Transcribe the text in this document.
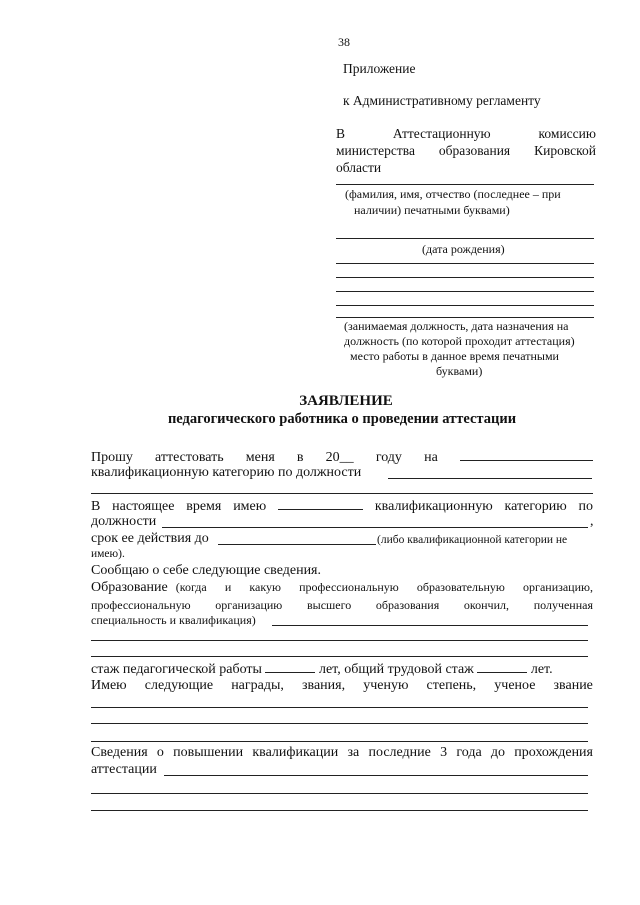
38
Приложение
к Административному регламенту
В	Аттестационную	комиссию
министерства образования Кировской
области
(фамилия, имя, отчество (последнее – при
наличии) печатными буквами)
(дата рождения)
(занимаемая должность, дата назначения на
должность (по которой проходит аттестация)
место работы в данное время печатными
буквами)
ЗАЯВЛЕНИЕ
педагогического работника о проведении аттестации
Прошу аттестовать меня в 20__ году на
квалификационную категорию по должности
В настоящее время имею	квалификационную категорию по
должности	,
срок ее действия до	(либо квалификационной категории не
имею).
Сообщаю о себе следующие сведения.
Образование (когда и какую профессиональную образовательную организацию,
профессиональную организацию высшего образования окончил, полученная
специальность и квалификация)
стаж педагогической работы	лет, общий трудовой стаж	лет.
Имею следующие награды, звания, ученую степень, ученое звание
Сведения о повышении квалификации за последние 3 года до прохождения
аттестации
